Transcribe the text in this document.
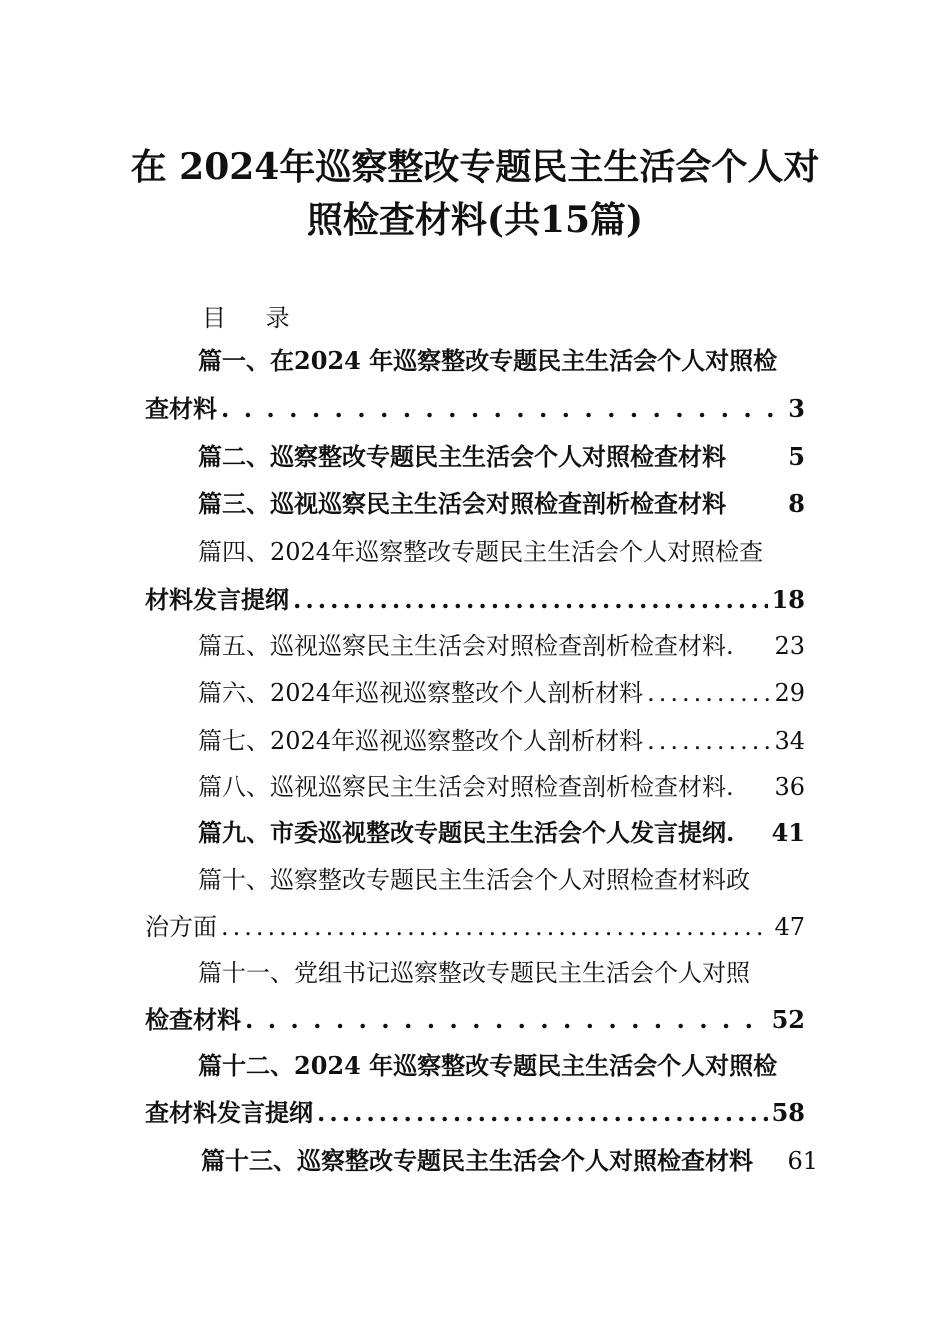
在 2024年巡察整改专题民主生活会个人对
照检查材料(共15篇)
目 录
篇一、在2024 年巡察整改专题民主生活会个人对照检
查材料 . . .	3
篇二、巡察整改专题民主生活会个人对照检查材料	5
篇三、巡视巡察民主生活会对照检查剖析检查材料	8
篇四、2024年巡察整改专题民主生活会个人对照检查
材料发言提纲 .....	18
篇五、巡视巡察民主生活会对照检查剖析检查材料. 23
篇六、2024年巡视巡察整改个人剖析材料 .....	29
篇七、2024年巡视巡察整改个人剖析材料 .....	34
篇八、巡视巡察民主生活会对照检查剖析检查材料. 36
篇九、市委巡视整改专题民主生活会个人发言提纲. 41
篇十、巡察整改专题民主生活会个人对照检查材料政
治方面 .....	47
篇十一、党组书记巡察整改专题民主生活会个人对照
检查材料 . . .	52
篇十二、2024 年巡察整改专题民主生活会个人对照检
查材料发言提纲 .....	58
篇十三、巡察整改专题民主生活会个人对照检查材料 61
